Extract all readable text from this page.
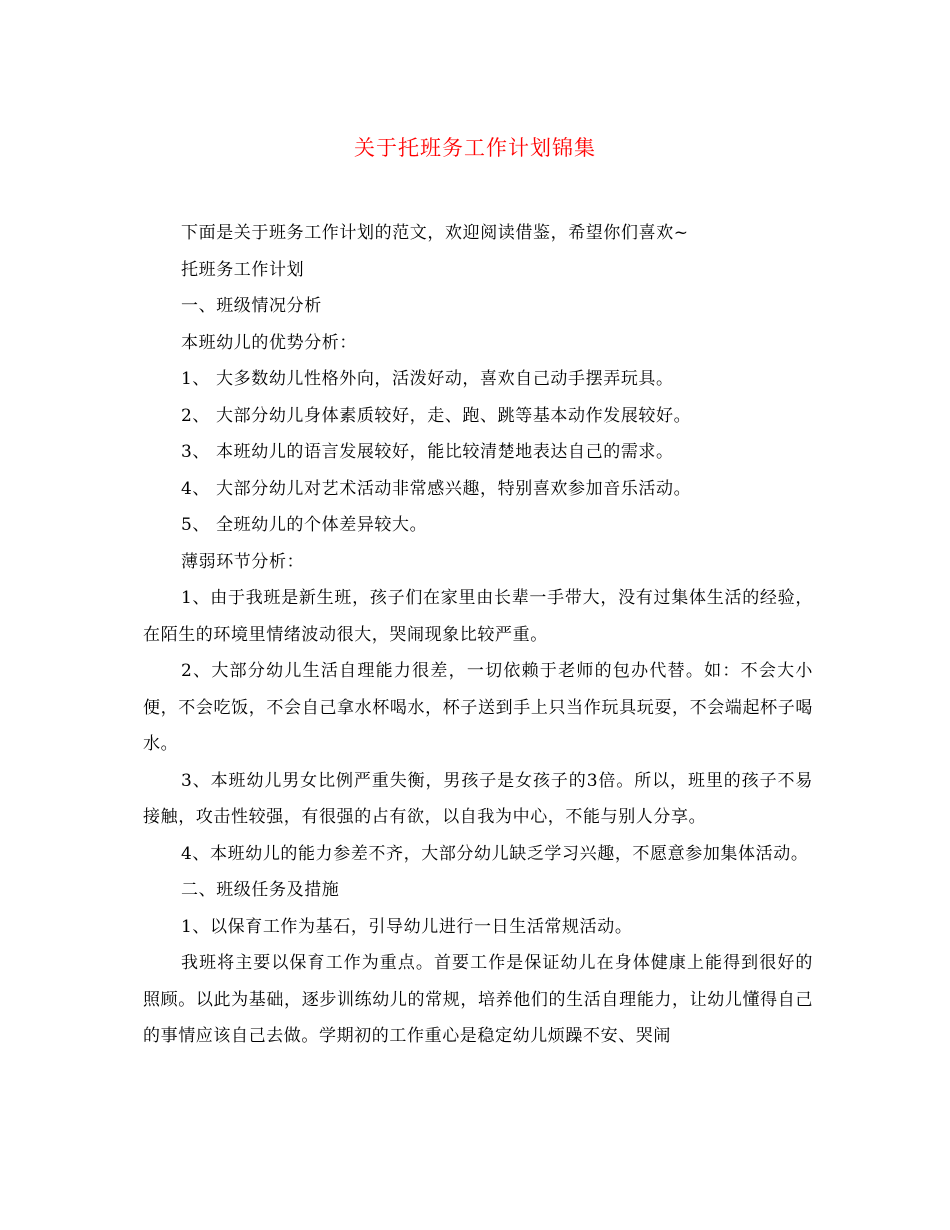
关于托班务工作计划锦集

下面是关于班务工作计划的范文，欢迎阅读借鉴，希望你们喜欢~

托班务工作计划

一、班级情况分析

本班幼儿的优势分析：

1、 大多数幼儿性格外向，活泼好动，喜欢自己动手摆弄玩具。

2、 大部分幼儿身体素质较好，走、跑、跳等基本动作发展较好。

3、 本班幼儿的语言发展较好，能比较清楚地表达自己的需求。

4、 大部分幼儿对艺术活动非常感兴趣，特别喜欢参加音乐活动。

5、 全班幼儿的个体差异较大。

薄弱环节分析：

1、由于我班是新生班，孩子们在家里由长辈一手带大，没有过集体生活的经验，在陌生的环境里情绪波动很大，哭闹现象比较严重。

2、大部分幼儿生活自理能力很差，一切依赖于老师的包办代替。如：不会大小便，不会吃饭，不会自己拿水杯喝水，杯子送到手上只当作玩具玩耍，不会端起杯子喝水。

3、本班幼儿男女比例严重失衡，男孩子是女孩子的3倍。所以，班里的孩子不易接触，攻击性较强，有很强的占有欲，以自我为中心，不能与别人分享。

4、本班幼儿的能力参差不齐，大部分幼儿缺乏学习兴趣，不愿意参加集体活动。

二、班级任务及措施

1、以保育工作为基石，引导幼儿进行一日生活常规活动。

我班将主要以保育工作为重点。首要工作是保证幼儿在身体健康上能得到很好的照顾。以此为基础，逐步训练幼儿的常规，培养他们的生活自理能力，让幼儿懂得自己的事情应该自己去做。学期初的工作重心是稳定幼儿烦躁不安、哭闹
